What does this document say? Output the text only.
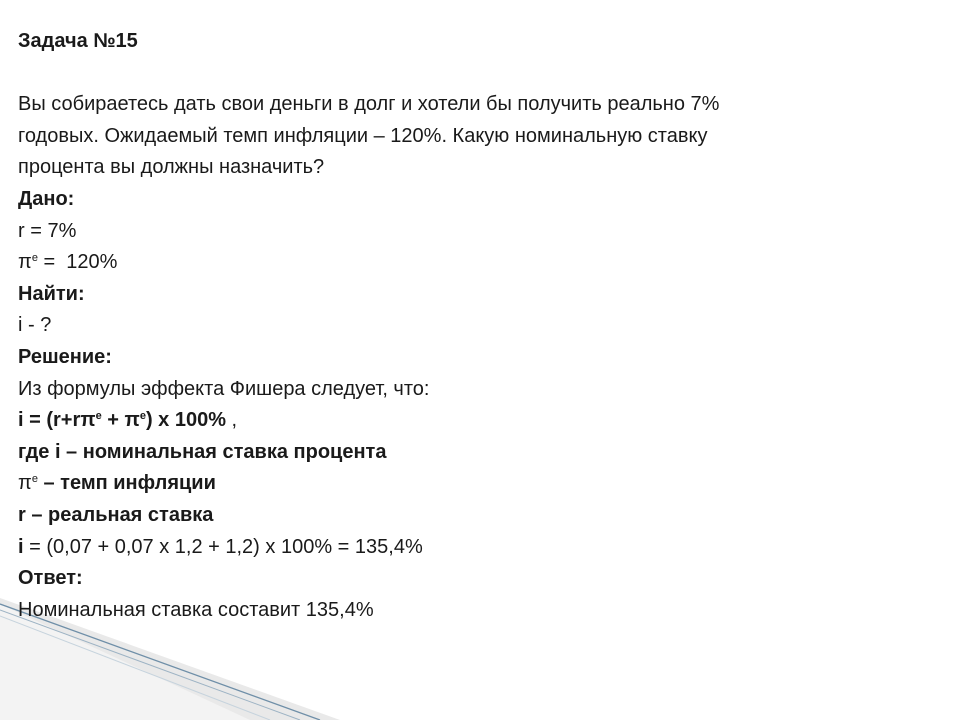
Задача №15
Вы собираетесь дать свои деньги в долг и хотели бы получить реально 7%
годовых. Ожидаемый темп инфляции – 120%. Какую номинальную ставку
процента вы должны назначить?
Дано:
r = 7%
$\pi^e = 120\%$
Найти:
i - ?
Решение:
Из формулы эффекта Фишера следует, что:
$i = (r+r\pi^e + \pi^e)$ х 100% ,
где i – номинальная ставка процента
$\pi^e$ – темп инфляции
r – реальная ставка
i = (0,07 + 0,07 х 1,2 + 1,2) х 100% = 135,4%
Ответ:
Номинальная ставка составит 135,4%
